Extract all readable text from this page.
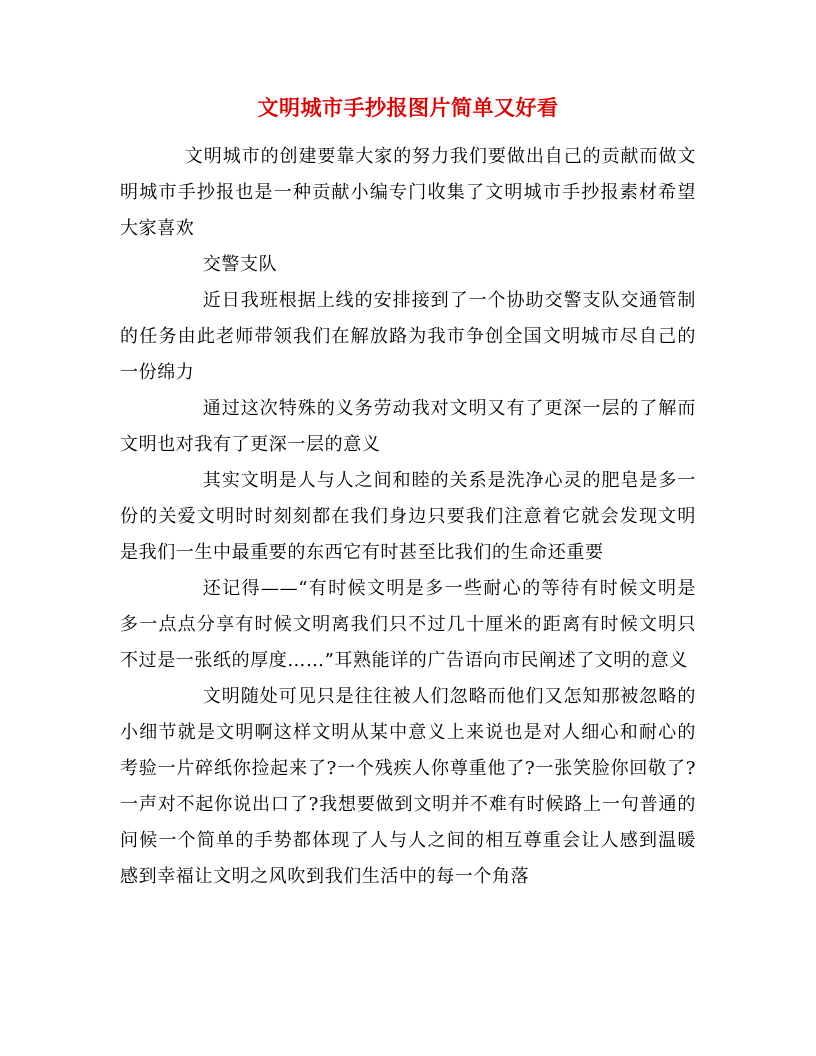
文明城市手抄报图片简单又好看

文明城市的创建要靠大家的努力我们要做出自己的贡献而做文明城市手抄报也是一种贡献小编专门收集了文明城市手抄报素材希望大家喜欢

交警支队

近日我班根据上线的安排接到了一个协助交警支队交通管制的任务由此老师带领我们在解放路为我市争创全国文明城市尽自己的一份绵力

通过这次特殊的义务劳动我对文明又有了更深一层的了解而文明也对我有了更深一层的意义

其实文明是人与人之间和睦的关系是洗净心灵的肥皂是多一份的关爱文明时时刻刻都在我们身边只要我们注意着它就会发现文明是我们一生中最重要的东西它有时甚至比我们的生命还重要

还记得——“有时候文明是多一些耐心的等待有时候文明是多一点点分享有时候文明离我们只不过几十厘米的距离有时候文明只不过是一张纸的厚度……”耳熟能详的广告语向市民阐述了文明的意义

文明随处可见只是往往被人们忽略而他们又怎知那被忽略的小细节就是文明啊这样文明从某中意义上来说也是对人细心和耐心的考验一片碎纸你捡起来了?一个残疾人你尊重他了?一张笑脸你回敬了?一声对不起你说出口了?我想要做到文明并不难有时候路上一句普通的问候一个简单的手势都体现了人与人之间的相互尊重会让人感到温暖感到幸福让文明之风吹到我们生活中的每一个角落
